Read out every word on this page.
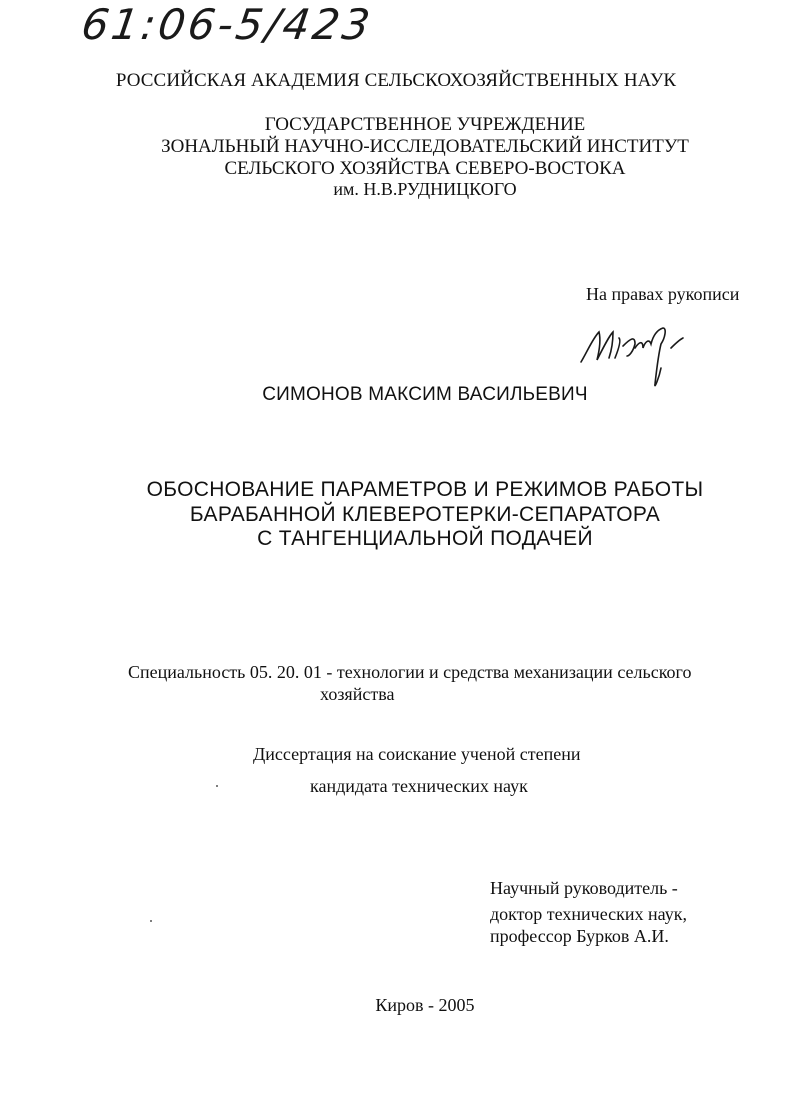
61:06-5/423
РОССИЙСКАЯ АКАДЕМИЯ СЕЛЬСКОХОЗЯЙСТВЕННЫХ НАУК
ГОСУДАРСТВЕННОЕ УЧРЕЖДЕНИЕ
ЗОНАЛЬНЫЙ НАУЧНО-ИССЛЕДОВАТЕЛЬСКИЙ ИНСТИТУТ
СЕЛЬСКОГО ХОЗЯЙСТВА СЕВЕРО-ВОСТОКА
им. Н.В.РУДНИЦКОГО
На правах рукописи
СИМОНОВ МАКСИМ ВАСИЛЬЕВИЧ
ОБОСНОВАНИЕ ПАРАМЕТРОВ И РЕЖИМОВ РАБОТЫ
БАРАБАННОЙ КЛЕВЕРОТЕРКИ-СЕПАРАТОРА
С ТАНГЕНЦИАЛЬНОЙ ПОДАЧЕЙ
Специальность 05. 20. 01 - технологии и средства механизации сельского
хозяйства
Диссертация на соискание ученой степени
кандидата технических наук
Научный руководитель -
доктор технических наук,
профессор Бурков А.И.
Киров - 2005
